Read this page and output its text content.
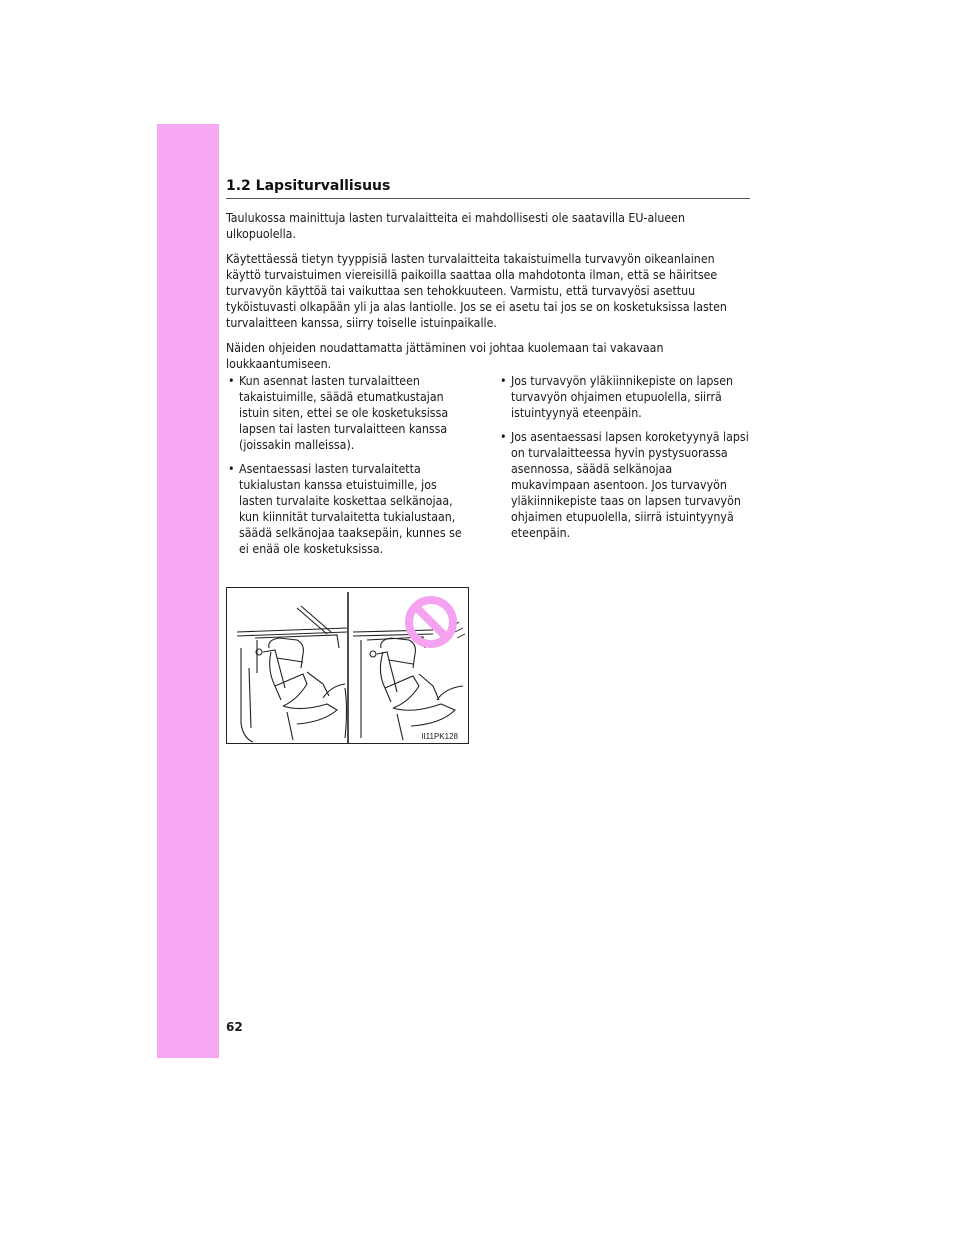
1.2 Lapsiturvallisuus

Taulukossa mainittuja lasten turvalaitteita ei mahdollisesti ole saatavilla EU-alueen ulkopuolella.

Käytettäessä tietyn tyyppisiä lasten turvalaitteita takaistuimella turvavyön oikeanlainen käyttö turvaistuimen viereisillä paikoilla saattaa olla mahdotonta ilman, että se häiritsee turvavyön käyttöä tai vaikuttaa sen tehokkuuteen. Varmistu, että turvavyösi asettuu tyköistuvasti olkapään yli ja alas lantiolle. Jos se ei asetu tai jos se on kosketuksissa lasten turvalaitteen kanssa, siirry toiselle istuinpaikalle.

Näiden ohjeiden noudattamatta jättäminen voi johtaa kuolemaan tai vakavaan loukkaantumiseen.

• Kun asennat lasten turvalaitteen takaistuimille, säädä etumatkustajan istuin siten, ettei se ole kosketuksissa lapsen tai lasten turvalaitteen kanssa (joissakin malleissa).
• Asentaessasi lasten turvalaitetta tukialustan kanssa etuistuimille, jos lasten turvalaite koskettaa selkänojaa, kun kiinnität turvalaitetta tukialustaan, säädä selkänojaa taaksepäin, kunnes se ei enää ole kosketuksissa.
• Jos turvavyön yläkiinnikepiste on lapsen turvavyön ohjaimen etupuolella, siirrä istuintyynyä eteenpäin.
• Jos asentaessasi lapsen koroketyynyä lapsi on turvalaitteessa hyvin pystysuorassa asennossa, säädä selkänojaa mukavimpaan asentoon. Jos turvavyön yläkiinnikepiste taas on lapsen turvavyön ohjaimen etupuolella, siirrä istuintyynyä eteenpäin.
II11PK128
62
